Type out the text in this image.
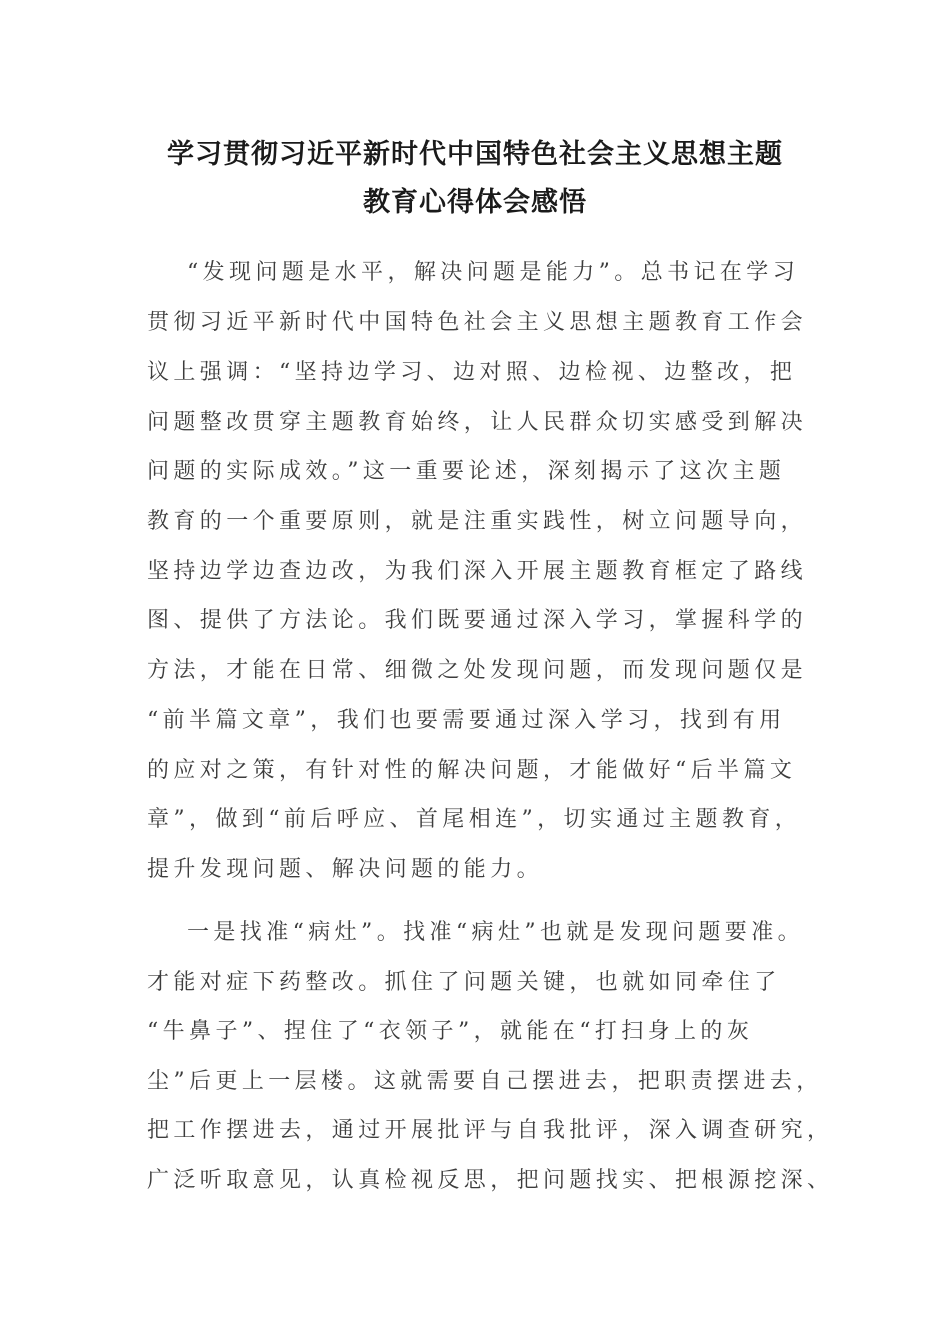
学习贯彻习近平新时代中国特色社会主义思想主题
教育心得体会感悟
“发现问题是水平，解决问题是能力”。总书记在学习
贯彻习近平新时代中国特色社会主义思想主题教育工作会
议上强调：“坚持边学习、边对照、边检视、边整改，把
问题整改贯穿主题教育始终，让人民群众切实感受到解决
问题的实际成效。”这一重要论述，深刻揭示了这次主题
教育的一个重要原则，就是注重实践性，树立问题导向，
坚持边学边查边改，为我们深入开展主题教育框定了路线
图、提供了方法论。我们既要通过深入学习，掌握科学的
方法，才能在日常、细微之处发现问题，而发现问题仅是
“前半篇文章”，我们也要需要通过深入学习，找到有用
的应对之策，有针对性的解决问题，才能做好“后半篇文
章”，做到“前后呼应、首尾相连”，切实通过主题教育，
提升发现问题、解决问题的能力。
一是找准“病灶”。找准“病灶”也就是发现问题要准。
才能对症下药整改。抓住了问题关键，也就如同牵住了
“牛鼻子”、捏住了“衣领子”，就能在“打扫身上的灰
尘”后更上一层楼。这就需要自己摆进去，把职责摆进去，
把工作摆进去，通过开展批评与自我批评，深入调查研究，
广泛听取意见，认真检视反思，把问题找实、把根源挖深、
